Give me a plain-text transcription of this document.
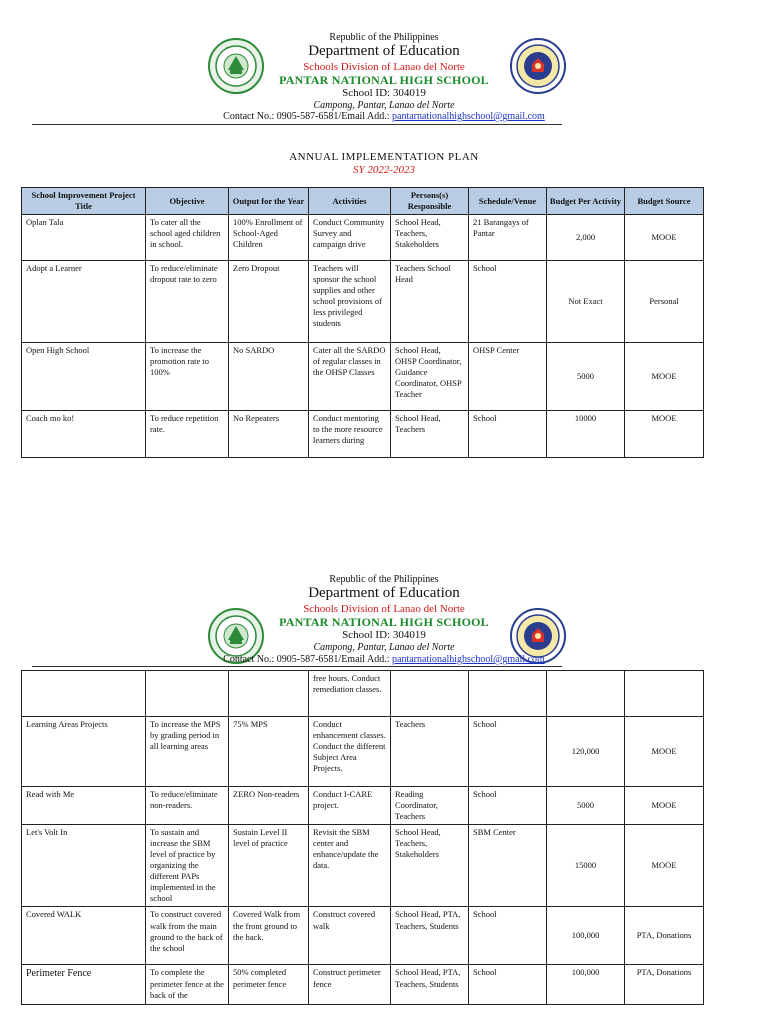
Republic of the Philippines
Department of Education
Schools Division of Lanao del Norte
PANTAR NATIONAL HIGH SCHOOL
School ID: 304019
Campong, Pantar, Lanao del Norte
Contact No.: 0905-587-6581/Email Add.: pantarnationalhighschool@gmail.com
ANNUAL IMPLEMENTATION PLAN
SY 2022-2023
School Improvement Project Title	Objective	Output for the Year	Activities	Persons(s) Responsible	Schedule/Venue	Budget Per Activity	Budget Source
Oplan Tala	To cater all the school aged children in school.	100% Enrollment of School-Aged Children	Conduct Community Survey and campaign drive	School Head, Teachers, Stakeholders	21 Barangays of Pantar	2,000	MOOE
Adopt a Learner	To reduce/eliminate dropout rate to zero	Zero Dropout	Teachers will sponsor the school supplies and other school provisions of less privileged students	Teachers School Head	School	Not Exact	Personal
Open High School	To increase the promotion rate to 100%	No SARDO	Cater all the SARDO of regular classes in the OHSP Classes	School Head, OHSP Coordinator, Guidance Coordinator, OHSP Teacher	OHSP Center	5000	MOOE
Coach mo ko!	To reduce repetition rate.	No Repeaters	Conduct mentoring to the more resource learners during	School Head, Teachers	School	10000	MOOE
Republic of the Philippines
Department of Education
Schools Division of Lanao del Norte
PANTAR NATIONAL HIGH SCHOOL
School ID: 304019
Campong, Pantar, Lanao del Norte
Contact No.: 0905-587-6581/Email Add.: pantarnationalhighschool@gmail.com
			free hours. Conduct remediation classes.				
Learning Areas Projects	To increase the MPS by grading period in all learning areas	75% MPS	Conduct enhancement classes. Conduct the different Subject Area Projects.	Teachers	School	120,000	MOOE
Read with Me	To reduce/eliminate non-readers.	ZERO Non-readers	Conduct I-CARE project.	Reading Coordinator, Teachers	School	5000	MOOE
Let's Volt In	To sustain and increase the SBM level of practice by organizing the different PAPs implemented in the school	Sustain Level II level of practice	Revisit the SBM center and enhance/update the data.	School Head, Teachers, Stakeholders	SBM Center	15000	MOOE
Covered WALK	To construct covered walk from the main ground to the back of the school	Covered Walk from the front ground to the back.	Construct covered walk	School Head, PTA, Teachers, Students	School	100,000	PTA, Donations
Perimeter Fence	To complete the perimeter fence at the back of the	50% completed perimeter fence	Construct perimeter fence	School Head, PTA, Teachers, Students	School	100,000	PTA, Donations
